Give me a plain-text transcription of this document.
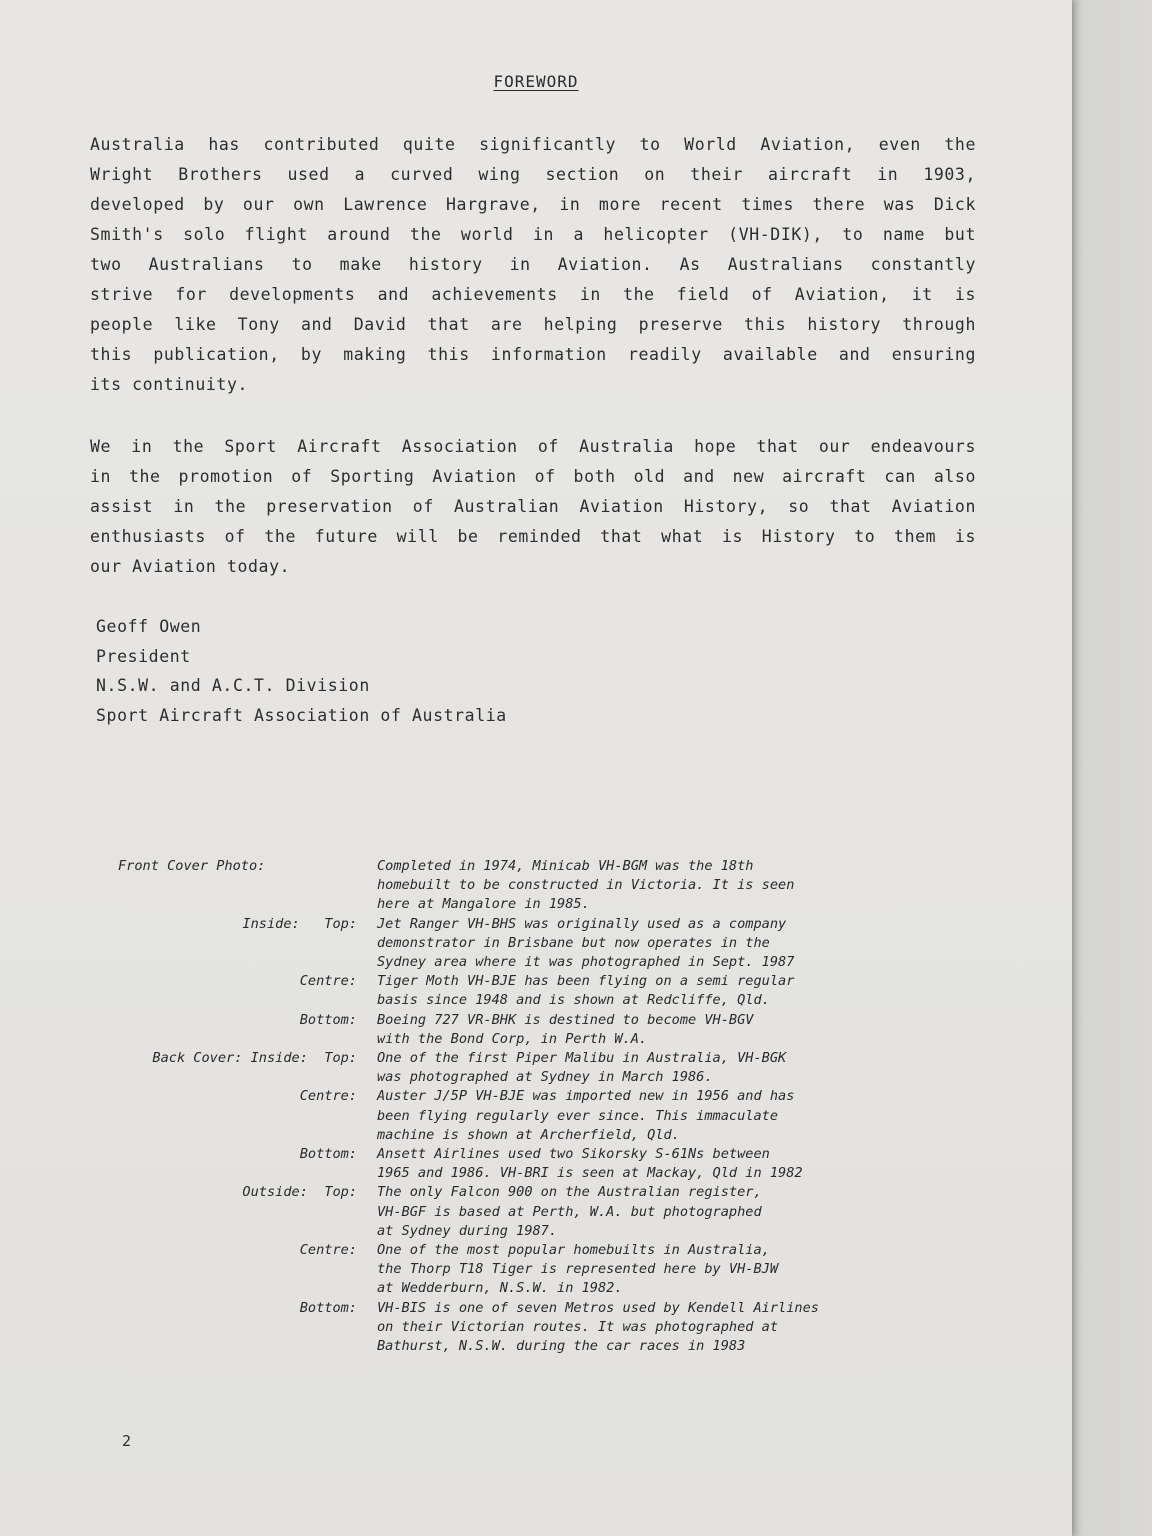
FOREWORD

Australia has contributed quite significantly to World Aviation, even the
Wright Brothers used a curved wing section on their aircraft in 1903,
developed by our own Lawrence Hargrave, in more recent times there was Dick
Smith's solo flight around the world in a helicopter (VH-DIK), to name but
two Australians to make history in Aviation. As Australians constantly
strive for developments and achievements in the field of Aviation, it is
people like Tony and David that are helping preserve this history through
this publication, by making this information readily available and ensuring
its continuity.

We in the Sport Aircraft Association of Australia hope that our endeavours
in the promotion of Sporting Aviation of both old and new aircraft can also
assist in the preservation of Australian Aviation History, so that Aviation
enthusiasts of the future will be reminded that what is History to them is
our Aviation today.

Geoff Owen
President
N.S.W. and A.C.T. Division
Sport Aircraft Association of Australia
Front Cover Photo:	Completed in 1974, Minicab VH-BGM was the 18th
homebuilt to be constructed in Victoria. It is seen
here at Mangalore in 1985.
Inside:   Top: Jet Ranger VH-BHS was originally used as a company
demonstrator in Brisbane but now operates in the
Sydney area where it was photographed in Sept. 1987
Centre: Tiger Moth VH-BJE has been flying on a semi regular
basis since 1948 and is shown at Redcliffe, Qld.
Bottom: Boeing 727 VR-BHK is destined to become VH-BGV
with the Bond Corp, in Perth W.A.
Back Cover: Inside:  Top: One of the first Piper Malibu in Australia, VH-BGK
was photographed at Sydney in March 1986.
Centre: Auster J/5P VH-BJE was imported new in 1956 and has
been flying regularly ever since. This immaculate
machine is shown at Archerfield, Qld.
Bottom: Ansett Airlines used two Sikorsky S-61Ns between
1965 and 1986. VH-BRI is seen at Mackay, Qld in 1982
Outside:  Top: The only Falcon 900 on the Australian register,
VH-BGF is based at Perth, W.A. but photographed
at Sydney during 1987.
Centre: One of the most popular homebuilts in Australia,
the Thorp T18 Tiger is represented here by VH-BJW
at Wedderburn, N.S.W. in 1982.
Bottom: VH-BIS is one of seven Metros used by Kendell Airlines
on their Victorian routes. It was photographed at
Bathurst, N.S.W. during the car races in 1983
2
